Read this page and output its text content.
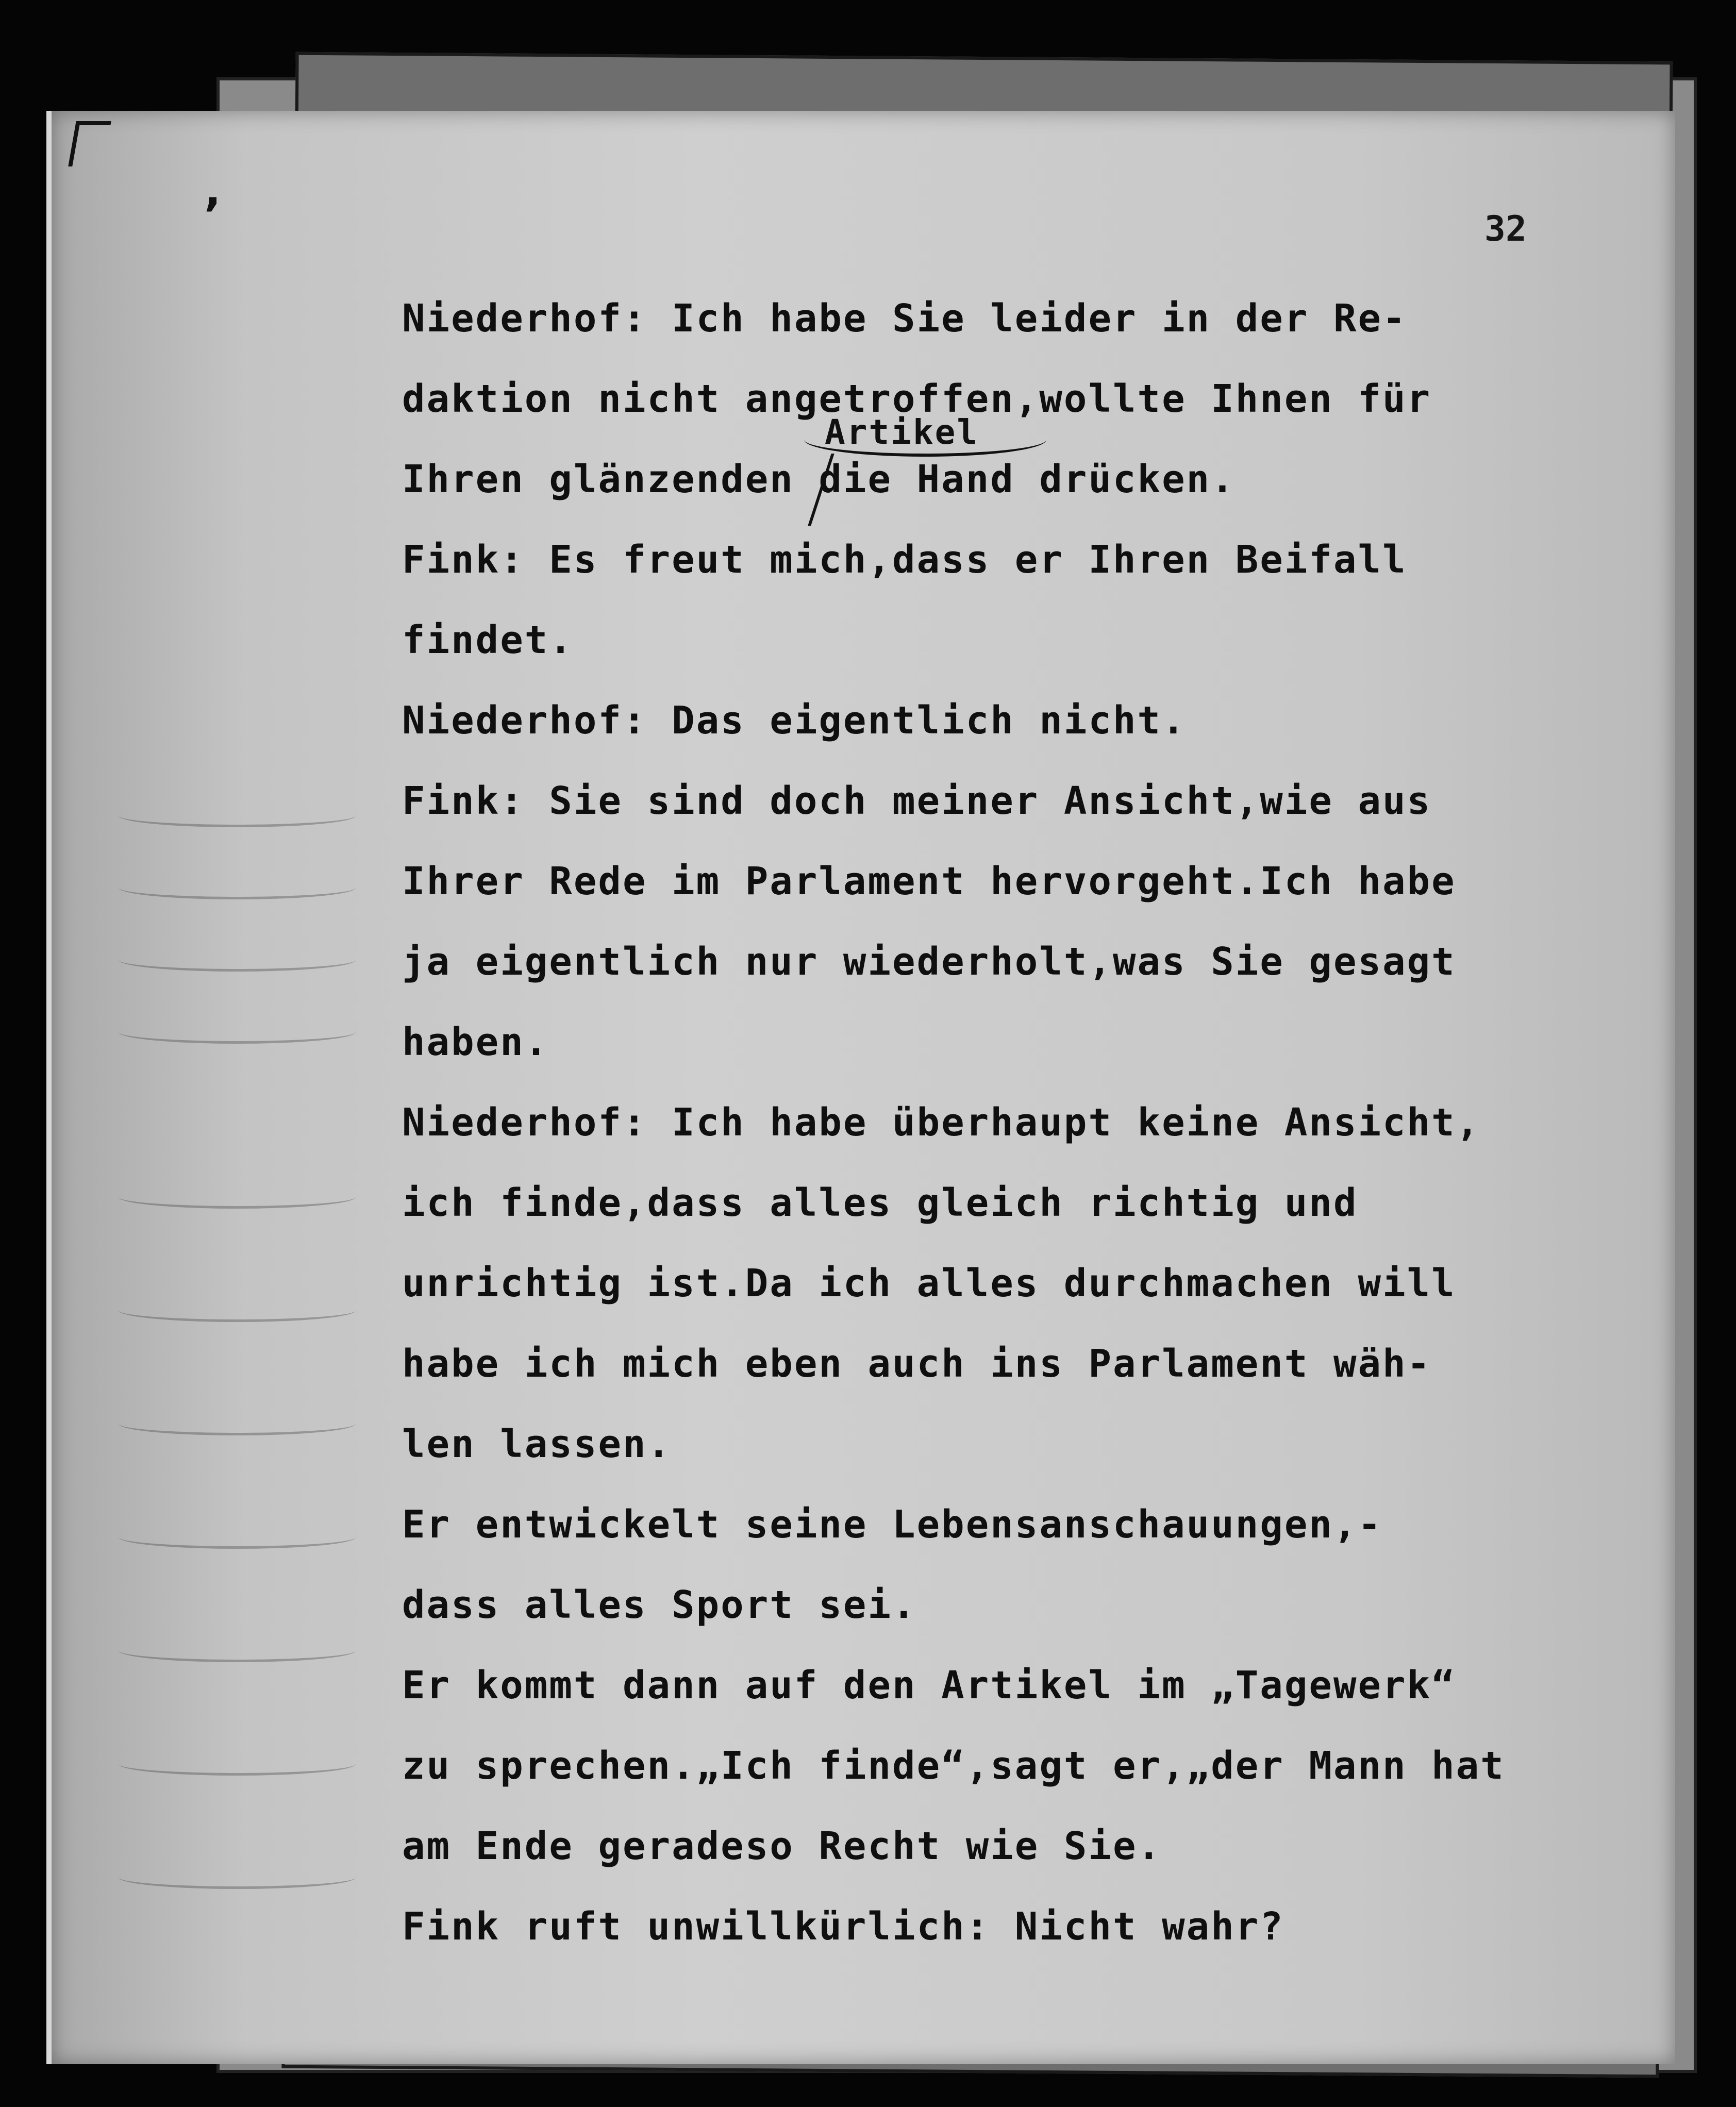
’	32
Artikel
Niederhof: Ich habe Sie leider in der Re-
daktion nicht angetroffen,wollte Ihnen für
Ihren glänzenden die Hand drücken.
Fink: Es freut mich,dass er Ihren Beifall
findet.
Niederhof: Das eigentlich nicht.
Fink: Sie sind doch meiner Ansicht,wie aus
Ihrer Rede im Parlament hervorgeht.Ich habe
ja eigentlich nur wiederholt,was Sie gesagt
haben.
Niederhof: Ich habe überhaupt keine Ansicht,
ich finde,dass alles gleich richtig und
unrichtig ist.Da ich alles durchmachen will
habe ich mich eben auch ins Parlament wäh-
len lassen.
Er entwickelt seine Lebensanschauungen,-
dass alles Sport sei.
Er kommt dann auf den Artikel im „Tagewerk“
zu sprechen.„Ich finde“,sagt er,„der Mann hat
am Ende geradeso Recht wie Sie.
Fink ruft unwillkürlich: Nicht wahr?
